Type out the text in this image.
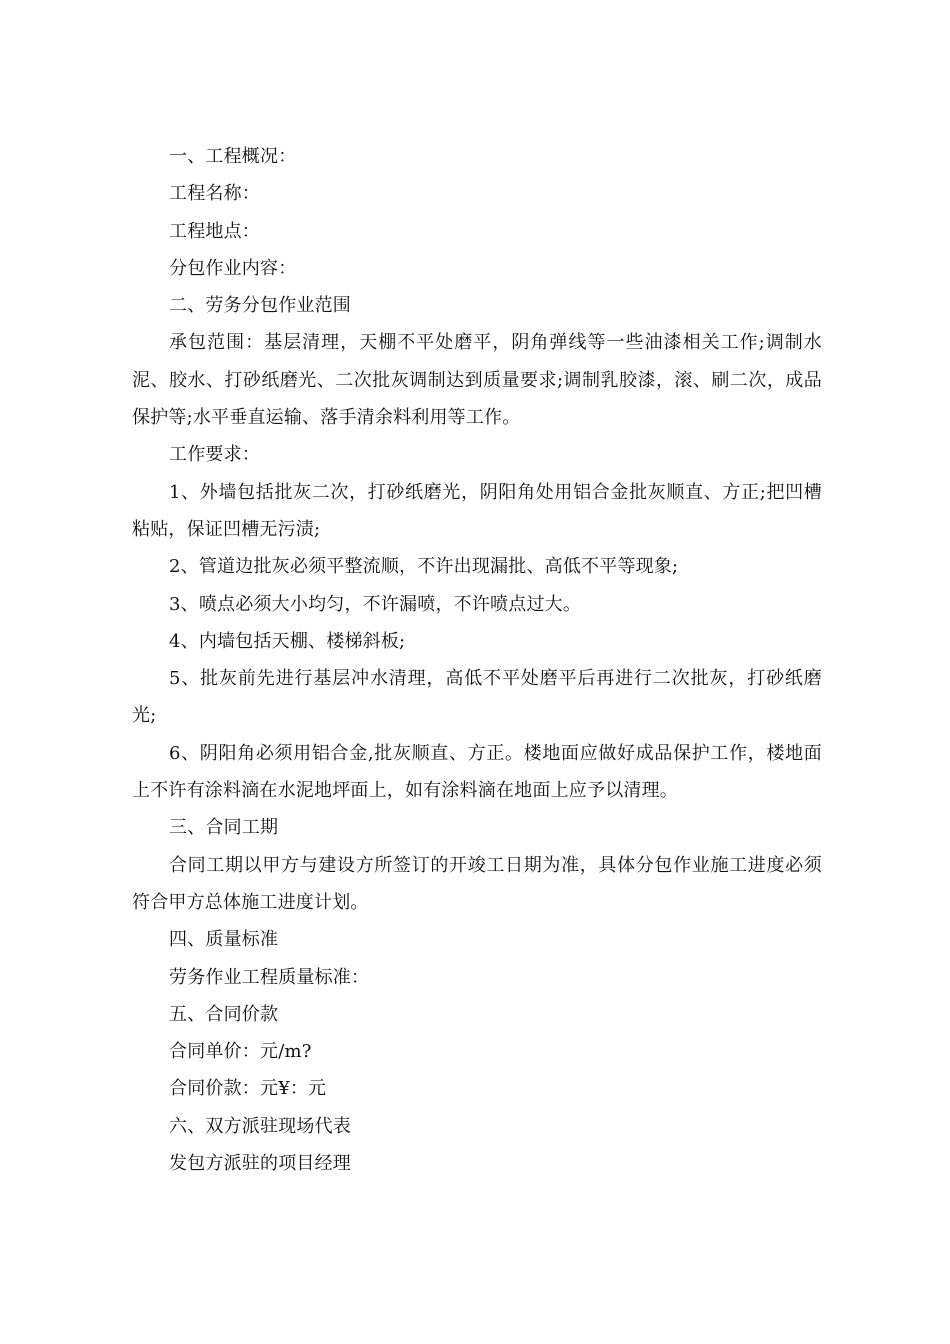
一、工程概况：

工程名称：

工程地点：

分包作业内容：

二、劳务分包作业范围

承包范围：基层清理，天棚不平处磨平，阴角弹线等一些油漆相关工作;调制水泥、胶水、打砂纸磨光、二次批灰调制达到质量要求;调制乳胶漆，滚、刷二次，成品保护等;水平垂直运输、落手清余料利用等工作。

工作要求：

1、外墙包括批灰二次，打砂纸磨光，阴阳角处用铝合金批灰顺直、方正;把凹槽粘贴，保证凹槽无污渍;

2、管道边批灰必须平整流顺，不许出现漏批、高低不平等现象;

3、喷点必须大小均匀，不许漏喷，不许喷点过大。

4、内墙包括天棚、楼梯斜板;

5、批灰前先进行基层冲水清理，高低不平处磨平后再进行二次批灰，打砂纸磨光;

6、阴阳角必须用铝合金,批灰顺直、方正。楼地面应做好成品保护工作，楼地面上不许有涂料滴在水泥地坪面上，如有涂料滴在地面上应予以清理。

三、合同工期

合同工期以甲方与建设方所签订的开竣工日期为准，具体分包作业施工进度必须符合甲方总体施工进度计划。

四、质量标准

劳务作业工程质量标准：

五、合同价款

合同单价：元/m?

合同价款：元¥：元

六、双方派驻现场代表

发包方派驻的项目经理
